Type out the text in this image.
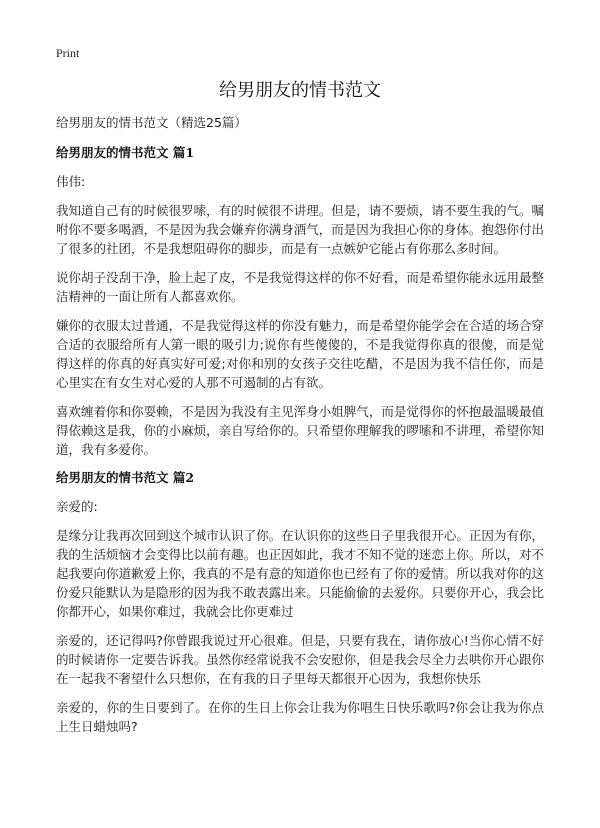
Print
给男朋友的情书范文
给男朋友的情书范文（精选25篇）
给男朋友的情书范文 篇1
伟伟:

我知道自己有的时候很罗嗦，有的时候很不讲理。但是，请不要烦，请不要生我的气。嘱咐你不要多喝酒，不是因为我会嫌弃你满身酒气，而是因为我担心你的身体。抱怨你付出了很多的社团，不是我想阻碍你的脚步，而是有一点嫉妒它能占有你那么多时间。

说你胡子没刮干净，脸上起了皮，不是我觉得这样的你不好看，而是希望你能永远用最整洁精神的一面让所有人都喜欢你。

嫌你的衣服太过普通，不是我觉得这样的你没有魅力，而是希望你能学会在合适的场合穿合适的衣服给所有人第一眼的吸引力;说你有些傻傻的，不是我觉得你真的很傻，而是觉得这样的你真的好真实好可爱;对你和别的女孩子交往吃醋，不是因为我不信任你，而是心里实在有女生对心爱的人那不可遏制的占有欲。

喜欢缠着你和你耍赖，不是因为我没有主见浑身小姐脾气，而是觉得你的怀抱最温暖最值得依赖这是我，你的小麻烦，亲自写给你的。只希望你理解我的啰嗦和不讲理，希望你知道，我有多爱你。

给男朋友的情书范文 篇2
亲爱的:

是缘分让我再次回到这个城市认识了你。在认识你的这些日子里我很开心。正因为有你，我的生活烦恼才会变得比以前有趣。也正因如此，我才不知不觉的迷恋上你。所以，对不起我要向你道歉爱上你，我真的不是有意的知道你也已经有了你的爱情。所以我对你的这份爱只能默认为是隐形的因为我不敢表露出来。只能偷偷的去爱你。只要你开心，我会比你都开心，如果你难过，我就会比你更难过

亲爱的，还记得吗?你曾跟我说过开心很难。但是，只要有我在，请你放心!当你心情不好的时候请你一定要告诉我。虽然你经常说我不会安慰你，但是我会尽全力去哄你开心跟你在一起我不奢望什么只想你，在有我的日子里每天都很开心因为，我想你快乐

亲爱的，你的生日要到了。在你的生日上你会让我为你唱生日快乐歌吗?你会让我为你点上生日蜡烛吗?
